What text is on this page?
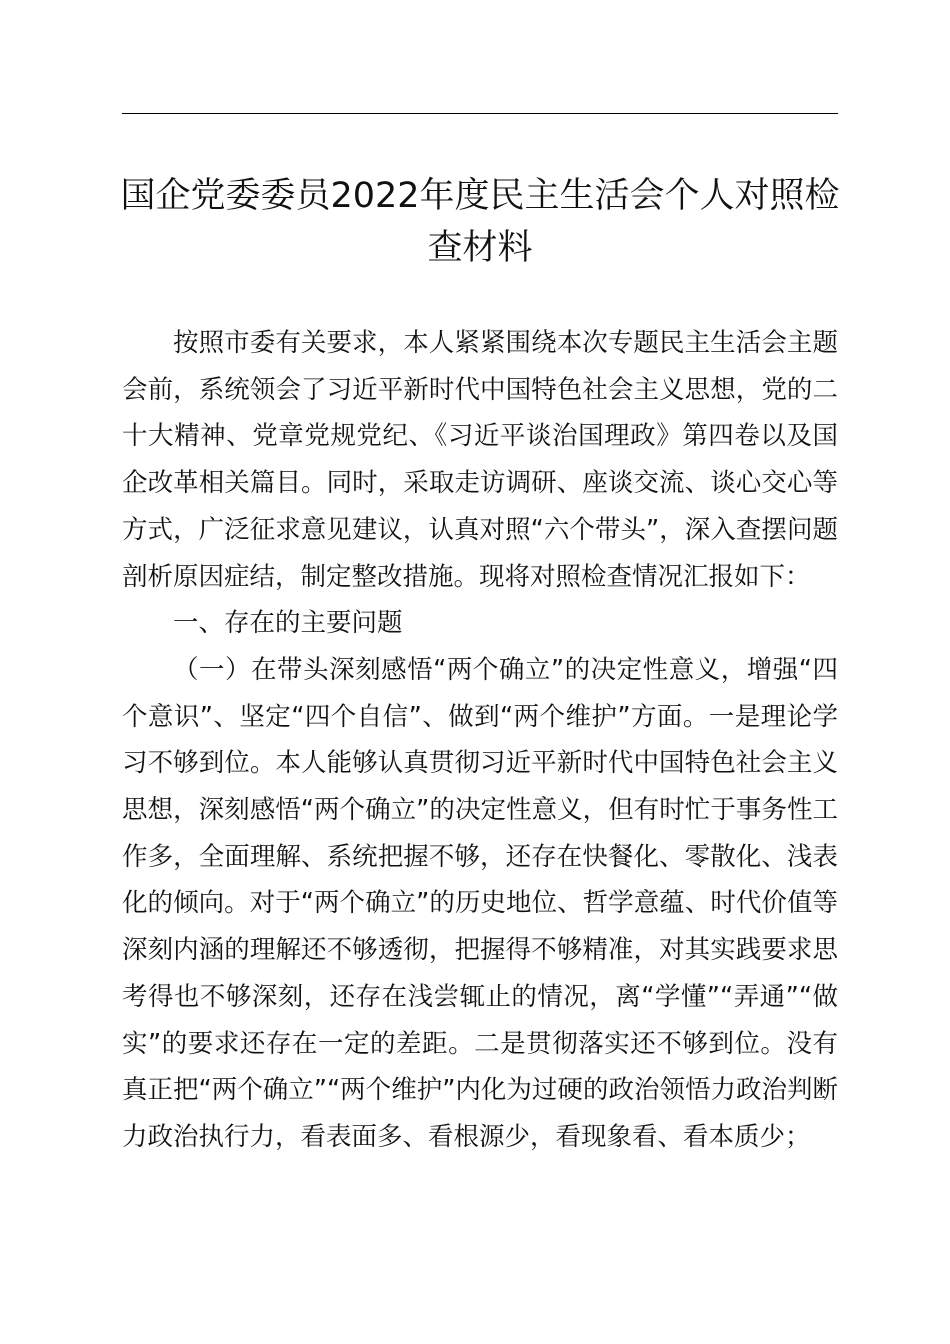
国企党委委员2022年度民主生活会个人对照检查材料

按照市委有关要求，本人紧紧围绕本次专题民主生活会主题会前，系统领会了习近平新时代中国特色社会主义思想，党的二十大精神、党章党规党纪、《习近平谈治国理政》第四卷以及国企改革相关篇目。同时，采取走访调研、座谈交流、谈心交心等方式，广泛征求意见建议，认真对照“六个带头”，深入查摆问题剖析原因症结，制定整改措施。现将对照检查情况汇报如下：

一、存在的主要问题

（一）在带头深刻感悟“两个确立”的决定性意义，增强“四个意识”、坚定“四个自信”、做到“两个维护”方面。一是理论学习不够到位。本人能够认真贯彻习近平新时代中国特色社会主义思想，深刻感悟“两个确立”的决定性意义，但有时忙于事务性工作多，全面理解、系统把握不够，还存在快餐化、零散化、浅表化的倾向。对于“两个确立”的历史地位、哲学意蕴、时代价值等深刻内涵的理解还不够透彻，把握得不够精准，对其实践要求思考得也不够深刻，还存在浅尝辄止的情况，离“学懂”“弄通”“做实”的要求还存在一定的差距。二是贯彻落实还不够到位。没有真正把“两个确立”“两个维护”内化为过硬的政治领悟力政治判断力政治执行力，看表面多、看根源少，看现象看、看本质少；
